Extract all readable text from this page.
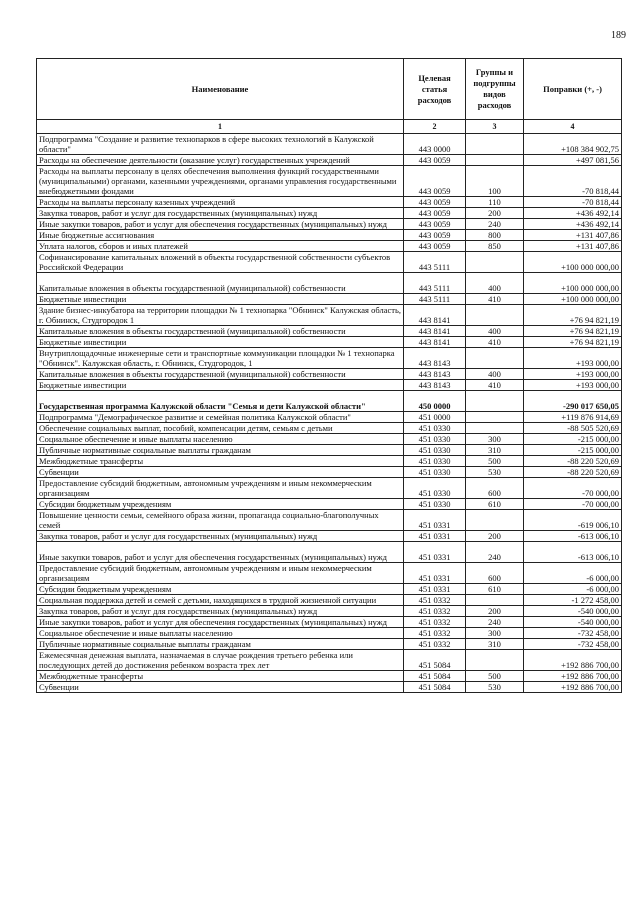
189
Наименование	Целевая статья расходов	Группы и подгруппы видов расходов	Поправки (+, -)
1	2	3	4
Подпрограмма "Создание и развитие технопарков в сфере высоких технологий в Калужской области"	443 0000		+108 384 902,75
Расходы на обеспечение деятельности (оказание услуг) государственных учреждений	443 0059		+497 081,56
Расходы на выплаты персоналу в целях обеспечения выполнения функций государственными (муниципальными) органами, казенными учреждениями, органами управления государственными внебюджетными фондами	443 0059	100	-70 818,44
Расходы на выплаты персоналу казенных учреждений	443 0059	110	-70 818,44
Закупка товаров, работ и услуг для государственных (муниципальных) нужд	443 0059	200	+436 492,14
Иные закупки товаров, работ и услуг для обеспечения государственных (муниципальных) нужд	443 0059	240	+436 492,14
Иные бюджетные ассигнования	443 0059	800	+131 407,86
Уплата налогов, сборов и иных платежей	443 0059	850	+131 407,86
Софинансирование капитальных вложений в объекты государственной собственности субъектов Российской Федерации	443 5111		+100 000 000,00
Капитальные вложения в объекты государственной (муниципальной) собственности	443 5111	400	+100 000 000,00
Бюджетные инвестиции	443 5111	410	+100 000 000,00
Здание бизнес-инкубатора на территории площадки № 1 технопарка "Обнинск" Калужская область, г. Обнинск, Студгородок 1	443 8141		+76 94 821,19
Капитальные вложения в объекты государственной (муниципальной) собственности	443 8141	400	+76 94 821,19
Бюджетные инвестиции	443 8141	410	+76 94 821,19
Внутриплощадочные инженерные сети и транспортные коммуникации площадки № 1 технопарка "Обнинск". Калужская область, г. Обнинск, Студгородок, 1	443 8143		+193 000,00
Капитальные вложения в объекты государственной (муниципальной) собственности	443 8143	400	+193 000,00
Бюджетные инвестиции	443 8143	410	+193 000,00
Государственная программа Калужской области "Семья и дети Калужской области"	450 0000		-290 017 650,05
Подпрограмма "Демографическое развитие и семейная политика Калужской области"	451 0000		+119 876 914,69
Обеспечение социальных выплат, пособий, компенсации детям, семьям с детьми	451 0330		-88 505 520,69
Социальное обеспечение и иные выплаты населению	451 0330	300	-215 000,00
Публичные нормативные социальные выплаты гражданам	451 0330	310	-215 000,00
Межбюджетные трансферты	451 0330	500	-88 220 520,69
Субвенции	451 0330	530	-88 220 520,69
Предоставление субсидий бюджетным, автономным учреждениям и иным некоммерческим организациям	451 0330	600	-70 000,00
Субсидии бюджетным учреждениям	451 0330	610	-70 000,00
Повышение ценности семьи, семейного образа жизни, пропаганда социально-благополучных семей	451 0331		-619 006,10
Закупка товаров, работ и услуг для государственных (муниципальных) нужд	451 0331	200	-613 006,10
Иные закупки товаров, работ и услуг для обеспечения государственных (муниципальных) нужд	451 0331	240	-613 006,10
Предоставление субсидий бюджетным, автономным учреждениям и иным некоммерческим организациям	451 0331	600	-6 000,00
Субсидии бюджетным учреждениям	451 0331	610	-6 000,00
Социальная поддержка детей и семей с детьми, находящихся в трудной жизненной ситуации	451 0332		-1 272 458,00
Закупка товаров, работ и услуг для государственных (муниципальных) нужд	451 0332	200	-540 000,00
Иные закупки товаров, работ и услуг для обеспечения государственных (муниципальных) нужд	451 0332	240	-540 000,00
Социальное обеспечение и иные выплаты населению	451 0332	300	-732 458,00
Публичные нормативные социальные выплаты гражданам	451 0332	310	-732 458,00
Ежемесячная денежная выплата, назначаемая в случае рождения третьего ребенка или последующих детей до достижения ребенком возраста трех лет	451 5084		+192 886 700,00
Межбюджетные трансферты	451 5084	500	+192 886 700,00
Субвенции	451 5084	530	+192 886 700,00
